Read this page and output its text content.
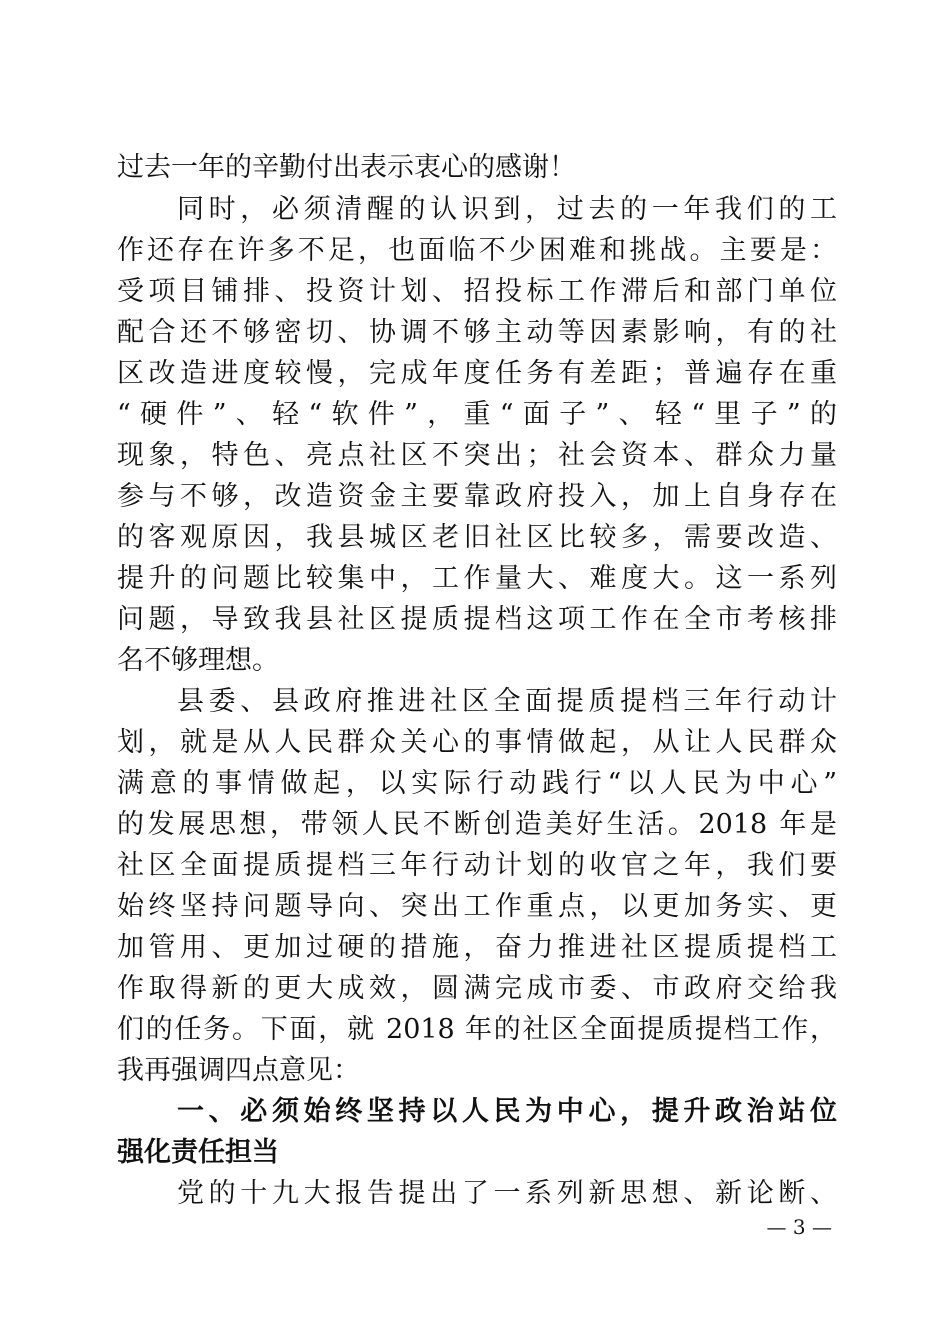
过去一年的辛勤付出表示衷心的感谢！
同时，必须清醒的认识到，过去的一年我们的工
作还存在许多不足，也面临不少困难和挑战。主要是：
受项目铺排、投资计划、招投标工作滞后和部门单位
配合还不够密切、协调不够主动等因素影响，有的社
区改造进度较慢，完成年度任务有差距；普遍存在重
“硬件”、轻“软件”，重“面子”、轻“里子”的
现象，特色、亮点社区不突出；社会资本、群众力量
参与不够，改造资金主要靠政府投入，加上自身存在
的客观原因，我县城区老旧社区比较多，需要改造、
提升的问题比较集中，工作量大、难度大。这一系列
问题，导致我县社区提质提档这项工作在全市考核排
名不够理想。
县委、县政府推进社区全面提质提档三年行动计
划，就是从人民群众关心的事情做起，从让人民群众
满意的事情做起，以实际行动践行“以人民为中心”
的发展思想，带领人民不断创造美好生活。2018 年是
社区全面提质提档三年行动计划的收官之年，我们要
始终坚持问题导向、突出工作重点，以更加务实、更
加管用、更加过硬的措施，奋力推进社区提质提档工
作取得新的更大成效，圆满完成市委、市政府交给我
们的任务。下面，就 2018 年的社区全面提质提档工作，
我再强调四点意见：
一、必须始终坚持以人民为中心，提升政治站位
强化责任担当
党的十九大报告提出了一系列新思想、新论断、
— 3 —
